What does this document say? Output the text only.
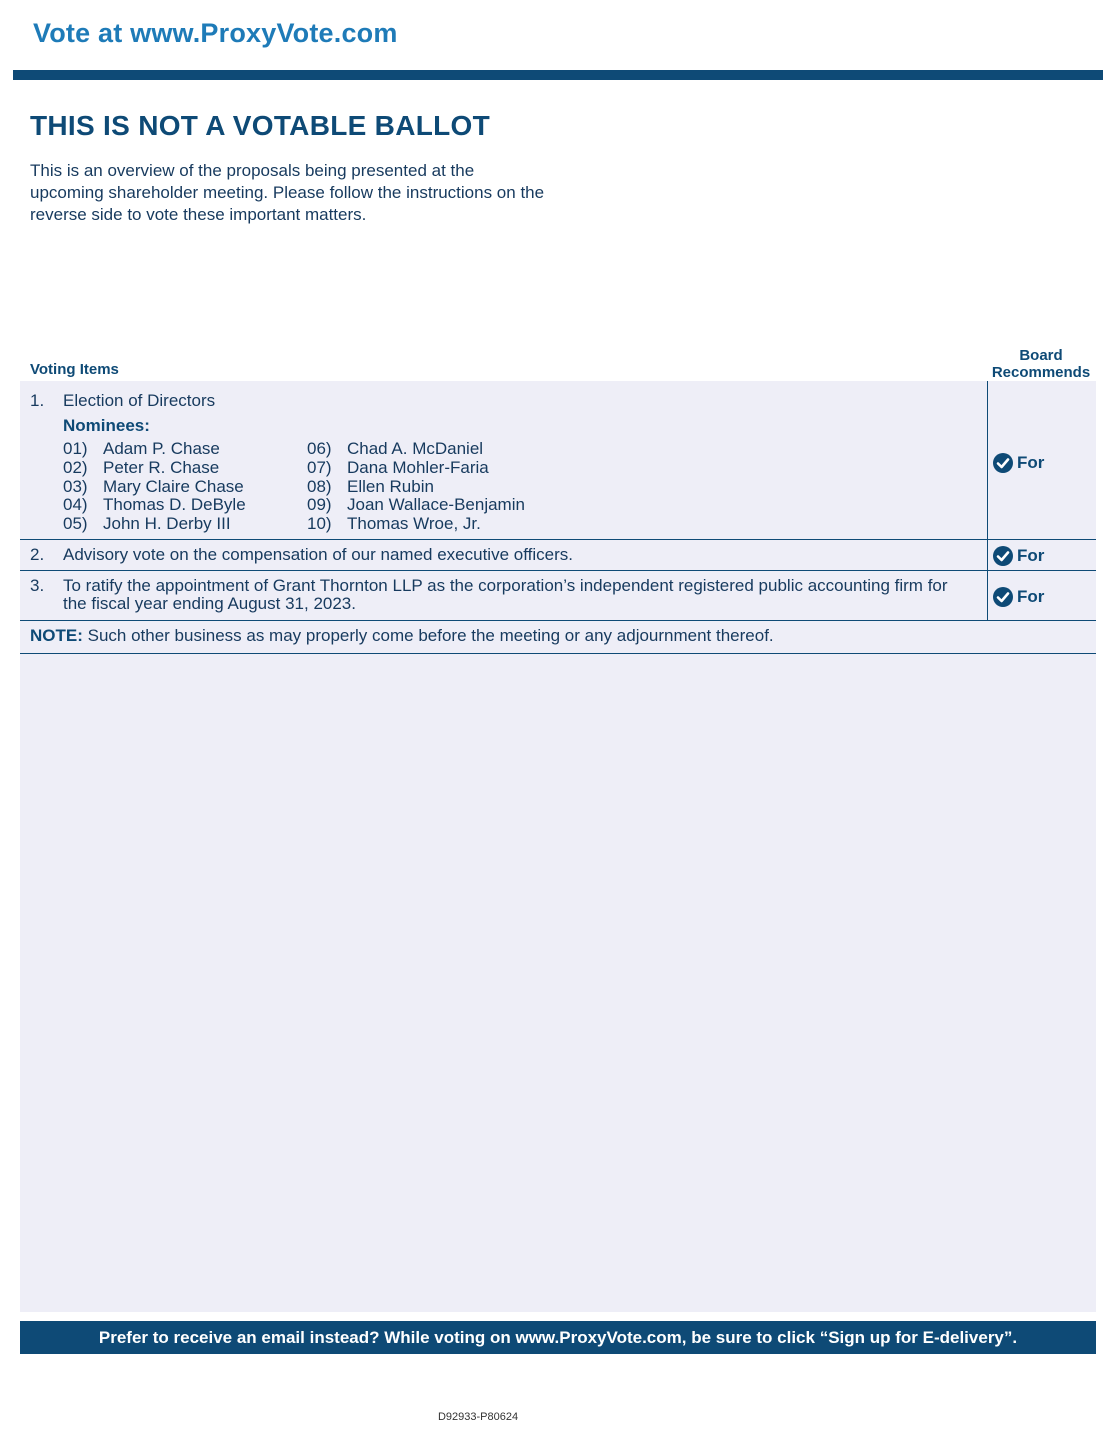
Vote at www.ProxyVote.com
THIS IS NOT A VOTABLE BALLOT
This is an overview of the proposals being presented at the upcoming shareholder meeting. Please follow the instructions on the reverse side to vote these important matters.
Voting Items
Board
Recommends
1. Election of Directors
Nominees:
01) Adam P. Chase
02) Peter R. Chase
03) Mary Claire Chase
04) Thomas D. DeByle
05) John H. Derby III
06) Chad A. McDaniel
07) Dana Mohler-Faria
08) Ellen Rubin
09) Joan Wallace-Benjamin
10) Thomas Wroe, Jr.
For
2. Advisory vote on the compensation of our named executive officers.	For
3. To ratify the appointment of Grant Thornton LLP as the corporation’s independent registered public accounting firm for
the fiscal year ending August 31, 2023.	For
NOTE: Such other business as may properly come before the meeting or any adjournment thereof.
Prefer to receive an email instead? While voting on www.ProxyVote.com, be sure to click “Sign up for E-delivery”.
D92933-P80624
